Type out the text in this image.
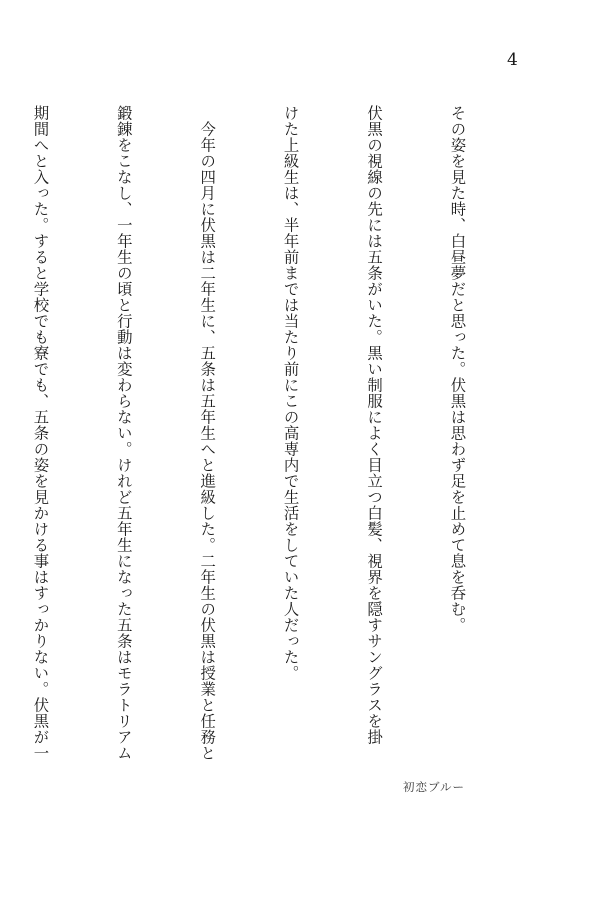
4

その姿を見た時、白昼夢だと思った。伏黒は思わず足を止めて息を呑む。

伏黒の視線の先には五条がいた。黒い制服によく目立つ白髪、視界を隠すサングラスを掛

けた上級生は、半年前までは当たり前にこの高専内で生活をしていた人だった。

　今年の四月に伏黒は二年生に、五条は五年生へと進級した。二年生の伏黒は授業と任務と

鍛錬をこなし、一年生の頃と行動は変わらない。けれど五年生になった五条はモラトリアム

期間へと入った。すると学校でも寮でも、五条の姿を見かける事はすっかりない。伏黒が一

初恋ブルー
